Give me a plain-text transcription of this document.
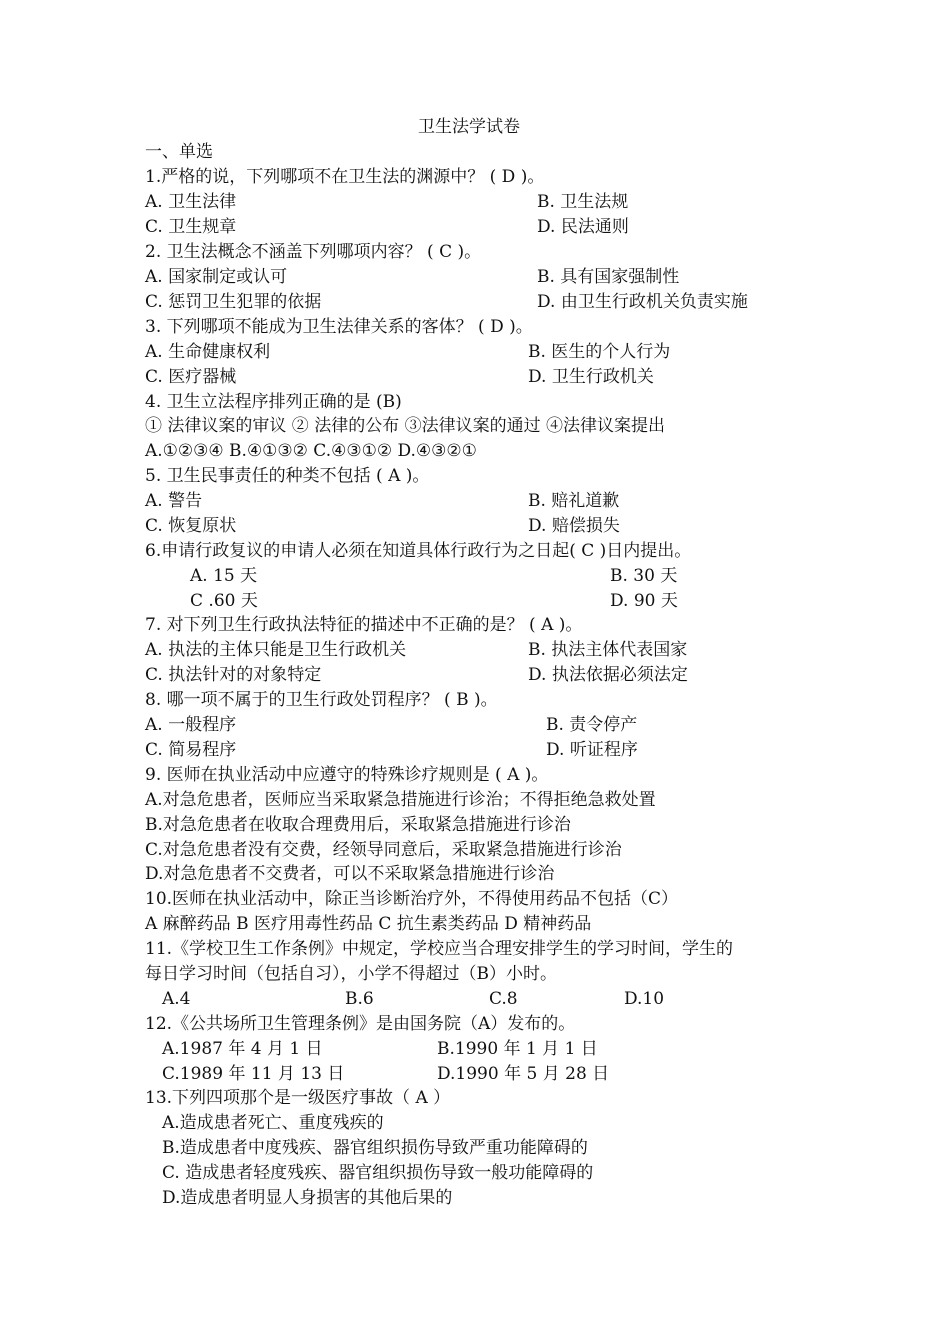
卫生法学试卷
一、单选
1.严格的说，下列哪项不在卫生法的渊源中？ ( D )。
A. 卫生法律	B. 卫生法规
C. 卫生规章	D. 民法通则
2. 卫生法概念不涵盖下列哪项内容？ ( C )。
A. 国家制定或认可	B. 具有国家强制性
C. 惩罚卫生犯罪的依据	D. 由卫生行政机关负责实施
3. 下列哪项不能成为卫生法律关系的客体？ ( D )。
A. 生命健康权利	B. 医生的个人行为
C. 医疗器械	D. 卫生行政机关
4. 卫生立法程序排列正确的是 (B)
① 法律议案的审议 ② 法律的公布 ③法律议案的通过 ④法律议案提出
A.①②③④ B.④①③② C.④③①② D.④③②①
5. 卫生民事责任的种类不包括 ( A )。
A. 警告	B. 赔礼道歉
C. 恢复原状	D. 赔偿损失
6.申请行政复议的申请人必须在知道具体行政行为之日起( C )日内提出。
A. 15 天	B. 30 天
C .60 天	D. 90 天
7. 对下列卫生行政执法特征的描述中不正确的是？ ( A )。
A. 执法的主体只能是卫生行政机关	B. 执法主体代表国家
C. 执法针对的对象特定	D. 执法依据必须法定
8. 哪一项不属于的卫生行政处罚程序？ ( B )。
A. 一般程序	B. 责令停产
C. 简易程序	D. 听证程序
9. 医师在执业活动中应遵守的特殊诊疗规则是 ( A )。
A.对急危患者，医师应当采取紧急措施进行诊治；不得拒绝急救处置
B.对急危患者在收取合理费用后，采取紧急措施进行诊治
C.对急危患者没有交费，经领导同意后，采取紧急措施进行诊治
D.对急危患者不交费者，可以不采取紧急措施进行诊治
10.医师在执业活动中，除正当诊断治疗外，不得使用药品不包括（C）
A 麻醉药品 B 医疗用毒性药品 C 抗生素类药品 D 精神药品
11.《学校卫生工作条例》中规定，学校应当合理安排学生的学习时间，学生的
每日学习时间（包括自习），小学不得超过（B）小时。
A.4	B.6	C.8	D.10
12.《公共场所卫生管理条例》是由国务院（A）发布的。
A.1987 年 4 月 1 日	B.1990 年 1 月 1 日
C.1989 年 11 月 13 日	D.1990 年 5 月 28 日
13.下列四项那个是一级医疗事故（ A ）
A.造成患者死亡、重度残疾的
B.造成患者中度残疾、器官组织损伤导致严重功能障碍的
C. 造成患者轻度残疾、器官组织损伤导致一般功能障碍的
D.造成患者明显人身损害的其他后果的
